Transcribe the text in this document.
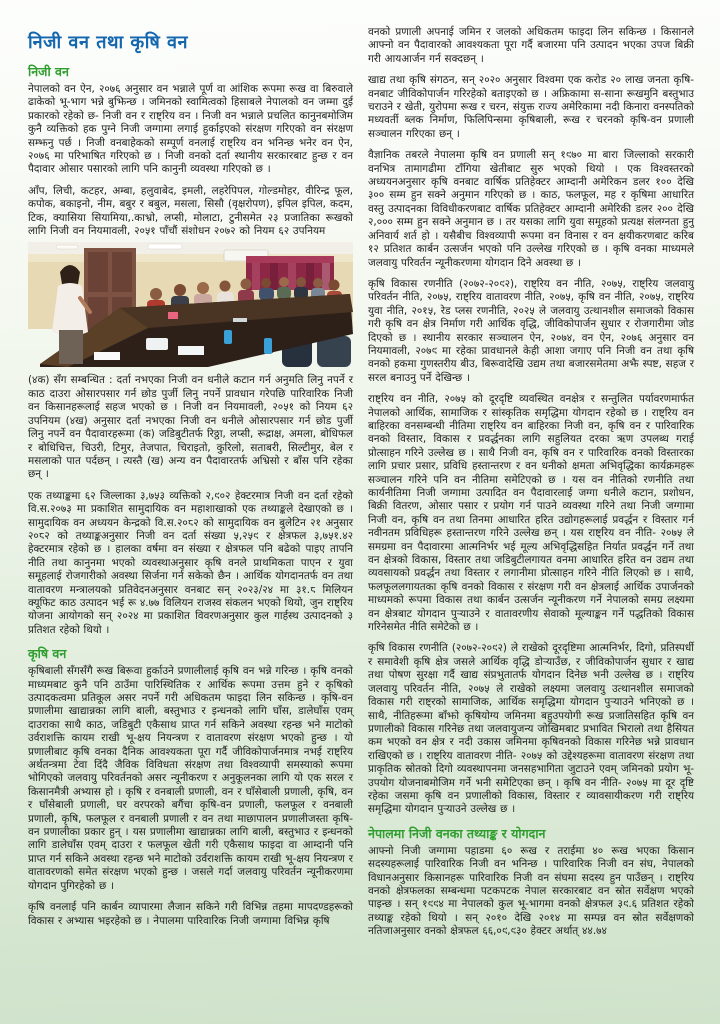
निजी वन तथा कृषि वन
निजी वन

नेपालको वन ऐन, २०७६ अनुसार वन भन्नाले पूर्ण वा आंशिक रूपमा रूख वा बिरुवाले ढाकेको भू-भाग भन्ने बुझिन्छ । जमिनको स्वामित्वको हिसाबले नेपालको वन जम्मा दुई प्रकारको रहेको छ- निजी वन र राष्ट्रिय वन । निजी वन भन्नाले प्रचलित कानुनबमोजिम कुनै व्यक्तिको हक पुग्ने निजी जग्गामा लगाई हुर्काइएको संरक्षण गरिएको वन संरक्षण सम्झनु पर्छ । निजी वनबाहेकको सम्पूर्ण वनलाई राष्ट्रिय वन भनिन्छ भनेर वन ऐन, २०७६ मा परिभाषित गरिएको छ । निजी वनको दर्ता स्थानीय सरकारबाट हुन्छ र वन पैदावार ओसार पसारको लागि पनि कानुनी व्यवस्था गरिएको छ ।

आँप, लिची, कटहर, अम्बा, हलुवाबेद, इमली, लहरेपिपल, गोल्डमोहर, वीरिन्द्र फूल, कपोक, बकाइनो, नीम, बबुर र बबुल, मसला, सिसौ (वृक्षरोपण), इपिल इपिल, कदम, टिक, क्यासिया सियामिया,.काभ्रो, लप्सी, मोलाटा, टुनीसमेत २३ प्रजातिका रूखको लागि निजी वन नियमावली, २०५१ पाँचौं संशोधन २०७२ को नियम ६२ उपनियम

(४क) सँग सम्बन्धित : दर्ता नभएका निजी वन धनीले कटान गर्न अनुमति लिनु नपर्ने र काठ दाउरा ओसारपसार गर्न छोड पुर्जी लिनु नपर्ने प्रावधान गरेपछि पारिवारिक निजी वन किसानहरूलाई सहज भएको छ । निजी वन नियमावली, २०५१ को नियम ६२ उपनियम (४ख) अनुसार दर्ता नभएका निजी वन धनीले ओसारपसार गर्न छोड पुर्जी लिनु नपर्ने वन पैदावारहरूमा (क) जडिबुटीतर्फ रिठ्ठा, लप्सी, रूद्राक्ष, अमला, बोधिफल र बोधिचित्त, चिउरी, टिमुर, तेजपात, चिराइतो, कुरिलो, सताबरी, सिल्टीमुर, बेल र मसलाको पात पर्दछन् । त्यस्तै (ख) अन्य वन पैदावारतर्फ अभ्रिसो र बाँस पनि रहेका छन् ।

एक तथ्याङ्कमा ६२ जिल्लाका ३,७५३ व्यक्तिको २,९०२ हेक्टरमात्र निजी वन दर्ता रहेको वि.स.२०७३ मा प्रकाशित सामुदायिक वन महाशाखाको एक तथ्याङ्कले देखाएको छ । सामुदायिक वन अध्ययन केन्द्रको वि.स.२०८२ को सामुदायिक वन बुलेटिन २१ अनुसार २०८२ को तथ्याङ्कअनुसार निजी वन दर्ता संख्या ५,२५९ र क्षेत्रफल ३,७५१.४२ हेक्टरमात्र रहेको छ । हालका वर्षमा वन संख्या र क्षेत्रफल पनि बढेको पाइए तापनि नीति तथा कानुनमा भएको व्यवस्थाअनुसार कृषि वनले प्राथमिकता पाएन र युवा समूहलाई रोजगारीको अवस्था सिर्जना गर्न सकेको छैन । आर्थिक योगदानतर्फ वन तथा वातावरण मन्त्रालयको प्रतिवेदनअनुसार वनबाट सन् २०२३/२४ मा ३१.८ मिलियन क्यूफिट काठ उत्पादन भई रू ४.७७ विलियन राजस्व संकलन भएको थियो, जुन राष्ट्रिय योजना आयोगको सन् २०२४ मा प्रकाशित विवरणअनुसार कुल गार्हस्थ उत्पादनको ३ प्रतिशत रहेको थियो ।

कृषि वन

कृषिबाली सँगसँगै रूख बिरूवा हुर्काउने प्रणालीलाई कृषि वन भन्ने गरिन्छ । कृषि वनको माध्यमबाट कुनै पनि ठाउँमा पारिस्थितिक र आर्थिक रूपमा उत्तम हुने र कृषिको उत्पादकत्वमा प्रतिकूल असर नपर्ने गरी अधिकतम फाइदा लिन सकिन्छ । कृषि-वन प्रणालीमा खाद्यान्नका लागि बाली, बस्तुभाउ र इन्धनको लागि घाँस, डालेघाँस एवम् दाउराका साथै काठ, जडिबुटी एकैसाथ प्राप्त गर्न सकिने अवस्था रहन्छ भने माटोको उर्वराशक्ति कायम राखी भू-क्षय नियन्त्रण र वातावरण संरक्षण भएको हुन्छ । यो प्रणालीबाट कृषि वनका दैनिक आवश्यकता पूरा गर्दै जीविकोपार्जनमात्र नभई राष्ट्रिय अर्थतन्त्रमा टेवा दिंदै जैविक विविधता संरक्षण तथा विश्वव्यापी समस्याको रूपमा भोगिएको जलवायु परिवर्तनको असर न्यूनीकरण र अनुकूलनका लागि यो एक सरल र किसानमैत्री अभ्यास हो । कृषि र वनबाली प्रणाली, वन र घाँसेबाली प्रणाली, कृषि, वन र घाँसेबाली प्रणाली, घर वरपरको बगैंचा कृषि-वन प्रणाली, फलफूल र वनबाली प्रणाली, कृषि, फलफूल र वनबाली प्रणाली र वन तथा माछापालन प्रणालीजस्ता कृषि-वन प्रणालीका प्रकार हुन् । यस प्रणालीमा खाद्यान्नका लागि बाली, बस्तुभाउ र इन्धनको लागि डालेघाँस एवम् दाउरा र फलफूल खेती गरी एकैसाथ फाइदा वा आम्दानी पनि प्राप्त गर्न सकिने अवस्था रहन्छ भने माटोको उर्वराशक्ति कायम राखी भू-क्षय नियन्त्रण र वातावरणको समेत संरक्षण भएको हुन्छ । जसले गर्दा जलवायु परिवर्तन न्यूनीकरणमा योगदान पुगिरहेको छ ।

कृषि वनलाई पनि कार्बन व्यापारमा लैजान सकिने गरी विभिन्न तहमा मापदण्डहरूको विकास र अभ्यास भइरहेको छ । नेपालमा पारिवारिक निजी जग्गामा विभिन्न कृषि

वनको प्रणाली अपनाई जमिन र जलको अधिकतम फाइदा लिन सकिन्छ । किसानले आफ्नो वन पैदावारको आवश्यकता पूरा गर्दै बजारमा पनि उत्पादन भएका उपज बिक्री गरी आयआर्जन गर्न सक्दछन् ।

खाद्य तथा कृषि संगठन, सन् २०२० अनुसार विश्वमा एक करोड २० लाख जनता कृषि-वनबाट जीविकोपार्जन गरिरहेको बताइएको छ । अफ्रिकामा स-साना रूखमुनि बस्तुभाउ चराउने र खेती, युरोपमा रूख र चरन, संयुक्त राज्य अमेरिकामा नदी किनारा वनस्पतिको मध्यवर्ती ब्लक निर्माण, फिलिपिन्समा कृषिबाली, रूख र चरनको कृषि-वन प्रणाली सञ्चालन गरिएका छन् ।

वैज्ञानिक तबरले नेपालमा कृषि वन प्रणाली सन् १९७० मा बारा जिल्लाको सरकारी वनभित्र तामागढीमा टाँगिया खेतीबाट सुरु भएको थियो । एक विश्वस्तरको अध्ययनअनुसार कृषि वनबाट वार्षिक प्रतिहेक्टर आम्दानी अमेरिकन डलर १०० देखि ३०० सम्म हुन सक्ने अनुमान गरिएको छ । काठ, फलफूल, मह र कृषिमा आधारित वस्तु उत्पादनका विविधीकरणबाट वार्षिक प्रतिहेक्टर आम्दानी अमेरिकी डलर २०० देखि २,००० सम्म हुन सक्ने अनुमान छ । तर यसका लागि युवा समूहको प्रत्यक्ष संलग्नता हुनु अनिवार्य शर्त हो । यसैबीच विश्वव्यापी रूपमा वन विनास र वन क्षयीकरणबाट करिब १२ प्रतिशत कार्बन उत्सर्जन भएको पनि उल्लेख गरिएको छ । कृषि वनका माध्यमले जलवायु परिवर्तन न्यूनीकरणमा योगदान दिने अवस्था छ ।

कृषि विकास रणनीति (२०७२-२०९२), राष्ट्रिय वन नीति, २०७५, राष्ट्रिय जलवायु परिवर्तन नीति, २०७५, राष्ट्रिय वातावरण नीति, २०७५, कृषि वन नीति, २०७५, राष्ट्रिय युवा नीति, २०१५, रेड प्लस रणनीति, २०२५ ले जलवायु उत्थानशील समाजको विकास गरी कृषि वन क्षेत्र निर्माण गरी आर्थिक वृद्धि, जीविकोपार्जन सुधार र रोजगारीमा जोड दिएको छ । स्थानीय सरकार सञ्चालन ऐन, २०७४, वन ऐन, २०७६ अनुसार वन नियमावली, २०७९ मा रहेका प्रावधानले केही आशा जगाए पनि निजी वन तथा कृषि वनको हकमा गुणस्तरीय बीउ, बिरूवादेखि उद्यम तथा बजारसमेतमा अझै स्पष्ट, सहज र सरल बनाउनु पर्ने देखिन्छ ।

राष्ट्रिय वन नीति, २०७५ को दूरदृष्टि व्यवस्थित वनक्षेत्र र सन्तुलित पर्यावरणमार्फत नेपालको आर्थिक, सामाजिक र सांस्कृतिक समृद्धिमा योगदान रहेको छ । राष्ट्रिय वन बाहिरका वनसम्बन्धी नीतिमा राष्ट्रिय वन बाहिरका निजी वन, कृषि वन र पारिवारिक वनको विस्तार, विकास र प्रवर्द्धनका लागि सहुलियत दरका ऋण उपलब्ध गराई प्रोत्साहन गरिने उल्लेख छ । साथै निजी वन, कृषि वन र पारिवारिक वनको विस्तारका लागि प्रचार प्रसार, प्रविधि हस्तान्तरण र वन धनीको क्षमता अभिवृद्धिका कार्यक्रमहरू सञ्चालन गरिने पनि वन नीतिमा समेटिएको छ । यस वन नीतिको रणनीति तथा कार्यनीतिमा निजी जग्गामा उत्पादित वन पैदावारलाई जग्गा धनीले कटान, प्रशोधन, बिक्री वितरण, ओसार पसार र प्रयोग गर्न पाउने व्यवस्था गरिने तथा निजी जग्गामा निजी वन, कृषि वन तथा तिनमा आधारित हरित उद्योगहरूलाई प्रवर्द्धन र विस्तार गर्न नवीनतम प्रविधिहरू हस्तान्तरण गरिने उल्लेख छन् । यस राष्ट्रिय वन नीति- २०७५ ले समग्रमा वन पैदावारमा आत्मनिर्भर भई मूल्य अभिवृद्धिसहित निर्यात प्रवर्द्धन गर्ने तथा वन क्षेत्रको विकास, विस्तार तथा जडिबुटीलगायत वनमा आधारित हरित वन उद्यम तथा व्यवसायको प्रवर्द्धन तथा विस्तार र लगानीमा प्रोत्साहन गरिने नीति लिएको छ । साथै, फलफूललगायतका कृषि वनको विकास र संरक्षण गरी वन क्षेत्रलाई आर्थिक उपार्जनको माध्यमको रूपमा विकास तथा कार्बन उत्सर्जन न्यूनीकरण गर्ने नेपालको समग्र लक्ष्यमा वन क्षेत्रबाट योगदान पुऱ्याउने र वातावरणीय सेवाको मूल्याङ्कन गर्ने पद्धतिको विकास गरिनेसमेत नीति समेटेको छ ।

कृषि विकास रणनीति (२०७२-२०९२) ले राखेको दूरदृष्टिमा आत्मनिर्भर, दिगो, प्रतिस्पर्धी र समावेशी कृषि क्षेत्र जसले आर्थिक वृद्धि डोऱ्याउँछ, र जीविकोपार्जन सुधार र खाद्य तथा पोषण सुरक्षा गर्दै खाद्य संप्रभुतातर्फ योगदान दिनेछ भनी उल्लेख छ । राष्ट्रिय जलवायु परिवर्तन नीति, २०७५ ले राखेको लक्ष्यमा जलवायु उत्थानशील समाजको विकास गरी राष्ट्रको सामाजिक, आर्थिक समृद्धिमा योगदान पुऱ्याउने भनिएको छ । साथै, नीतिहरूमा बाँझो कृषियोग्य जमिनमा बहुउपयोगी रूख प्रजातिसहित कृषि वन प्रणालीको विकास गरिनेछ तथा जलवायुजन्य जोखिमबाट प्रभावित भिरालो तथा हैसियत कम भएको वन क्षेत्र र नदी उकास जमिनमा कृषिवनको विकास गरिनेछ भन्ने प्रावधान राखिएको छ । राष्ट्रिय वातावरण नीति- २०७५ को उद्देश्यहरूमा वातावरण संरक्षण तथा प्राकृतिक स्रोतको दिगो व्यवस्थापनमा जनसहभागिता जुटाउने एवम् जमिनको प्रयोग भू-उपयोग योजनाबमोजिम गर्ने भनी समेटिएका छन् । कृषि वन नीति- २०७५ मा दूर दृष्टि रहेका जसमा कृषि वन प्रणालीको विकास, विस्तार र व्यावसायीकरण गरी राष्ट्रिय समृद्धिमा योगदान पुऱ्याउने उल्लेख छ ।

नेपालमा निजी वनका तथ्याङ्क र योगदान

आफ्नो निजी जग्गामा पहाडमा ६० रूख र तराईमा ४० रूख भएका किसान सदस्यहरूलाई पारिवारिक निजी वन भनिन्छ । पारिवारिक निजी वन संघ, नेपालको विधानअनुसार किसानहरू पारिवारिक निजी वन संघमा सदस्य हुन पाउँछन् । राष्ट्रिय वनको क्षेत्रफलका सम्बन्धमा पटकपटक नेपाल सरकारबाट वन स्रोत सर्वेक्षण भएको पाइन्छ । सन् १९९४ मा नेपालको कुल भू-भागमा वनको क्षेत्रफल ३९.६ प्रतिशत रहेको तथ्याङ्क रहेको थियो । सन् २०१० देखि २०१४ मा सम्पन्न वन स्रोत सर्वेक्षणको नतिजाअनुसार वनको क्षेत्रफल ६६,०९,९३० हेक्टर अर्थात् ४४.७४
